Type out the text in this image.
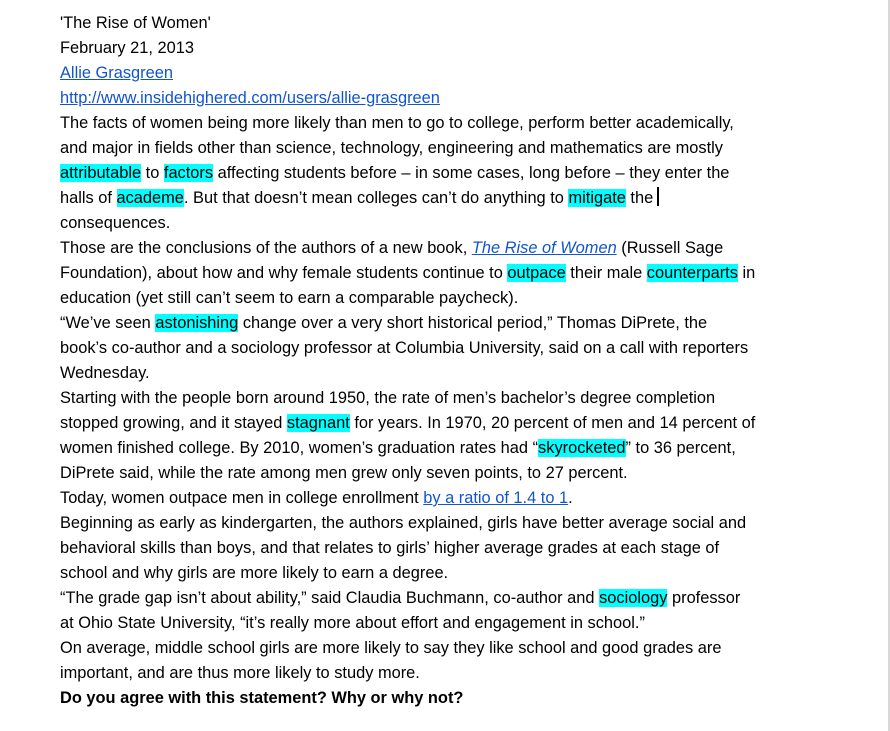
'The Rise of Women'
February 21, 2013
Allie Grasgreen
http://www.insidehighered.com/users/allie-grasgreen
The facts of women being more likely than men to go to college, perform better academically,
and major in fields other than science, technology, engineering and mathematics are mostly
attributable to factors affecting students before – in some cases, long before – they enter the
halls of academe. But that doesn’t mean colleges can’t do anything to mitigate the
consequences.
Those are the conclusions of the authors of a new book, The Rise of Women (Russell Sage
Foundation), about how and why female students continue to outpace their male counterparts in
education (yet still can’t seem to earn a comparable paycheck).
“We’ve seen astonishing change over a very short historical period,” Thomas DiPrete, the
book’s co-author and a sociology professor at Columbia University, said on a call with reporters
Wednesday.
Starting with the people born around 1950, the rate of men’s bachelor’s degree completion
stopped growing, and it stayed stagnant for years. In 1970, 20 percent of men and 14 percent of
women finished college. By 2010, women’s graduation rates had “skyrocketed” to 36 percent,
DiPrete said, while the rate among men grew only seven points, to 27 percent.
Today, women outpace men in college enrollment by a ratio of 1.4 to 1.
Beginning as early as kindergarten, the authors explained, girls have better average social and
behavioral skills than boys, and that relates to girls’ higher average grades at each stage of
school and why girls are more likely to earn a degree.
“The grade gap isn’t about ability,” said Claudia Buchmann, co-author and sociology professor
at Ohio State University, “it’s really more about effort and engagement in school.”
On average, middle school girls are more likely to say they like school and good grades are
important, and are thus more likely to study more.
Do you agree with this statement? Why or why not?
